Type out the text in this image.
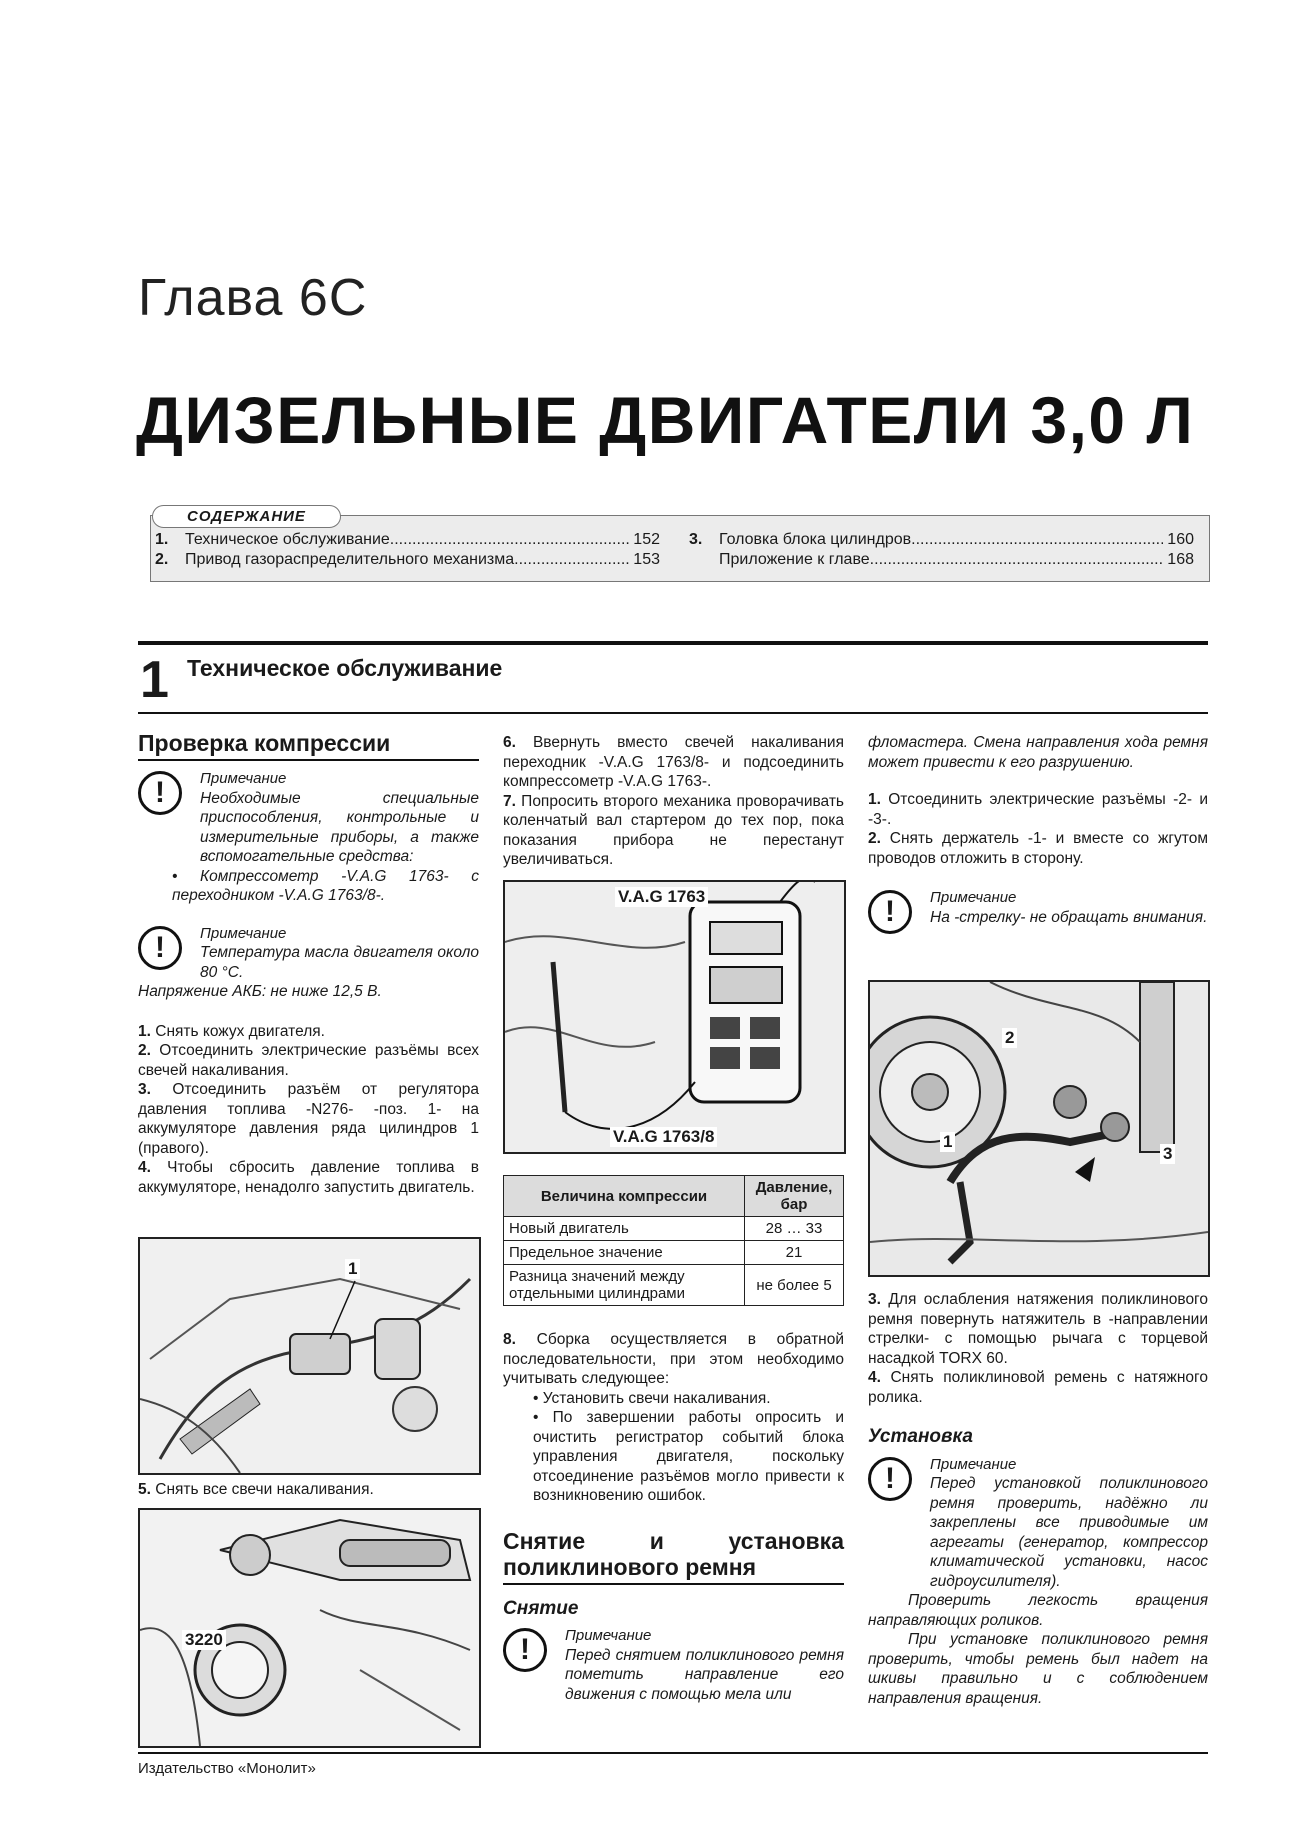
Глава 6С
ДИЗЕЛЬНЫЕ ДВИГАТЕЛИ 3,0 Л
СОДЕРЖАНИЕ
1.	Техническое обслуживание .....	152
2.	Привод газораспределительного механизма .....	153
3.	Головка блока цилиндров .....	160
Приложение к главе .....	168
1 Техническое обслуживание
Проверка компрессии
!	Примечание
Необходимые специальные приспособления, контрольные и измерительные приборы, а также вспомогательные средства:
• Компрессометр -V.A.G 1763- с переходником -V.A.G 1763/8-.
!	Примечание
Температура масла двигателя около 80 °С.
Напряжение АКБ: не ниже 12,5 В.

1. Снять кожух двигателя.

2. Отсоединить электрические разъёмы всех свечей накаливания.

3. Отсоединить разъём от регулятора давления топлива -N276- -поз. 1- на аккумуляторе давления ряда цилиндров 1 (правого).

4. Чтобы сбросить давление топлива в аккумуляторе, ненадолго запустить двигатель.

1

5. Снять все свечи накаливания.

3220

6. Ввернуть вместо свечей накаливания переходник -V.A.G 1763/8- и подсоединить компрессометр -V.A.G 1763-.

7. Попросить второго механика проворачивать коленчатый вал стартером до тех пор, пока показания прибора не перестанут увеличиваться.

V.A.G 1763
V.A.G 1763/8
Величина компрессии	Давление, бар
Новый двигатель	28 … 33
Предельное значение	21
Разница значений между отдельными цилиндрами	не более 5

8. Сборка осуществляется в обратной последовательности, при этом необходимо учитывать следующее:

• Установить свечи накаливания.

• По завершении работы опросить и очистить регистратор событий блока управления двигателя, поскольку отсоединение разъёмов могло привести к возникновению ошибок.

Снятие и установка поликлинового ремня
Снятие
!	Примечание
Перед снятием поликлинового ремня пометить направление его движения с помощью мела или

фломастера. Смена направления хода ремня может привести к его разрушению.

1. Отсоединить электрические разъёмы -2- и -3-.

2. Снять держатель -1- и вместе со жгутом проводов отложить в сторону.

!	Примечание
На -стрелку- не обращать внимания.
1
2
3

3. Для ослабления натяжения поликлинового ремня повернуть натяжитель в -направлении стрелки- с помощью рычага с торцевой насадкой TORX 60.

4. Снять поликлиновой ремень с натяжного ролика.

Установка
!	Примечание
Перед установкой поликлинового ремня проверить, надёжно ли закреплены все приводимые им агрегаты (генератор, компрессор климатической установки, насос гидроусилителя).

Проверить легкость вращения направляющих роликов.

При установке поликлинового ремня проверить, чтобы ремень был надет на шкивы правильно и с соблюдением направления вращения.

Издательство «Монолит»
